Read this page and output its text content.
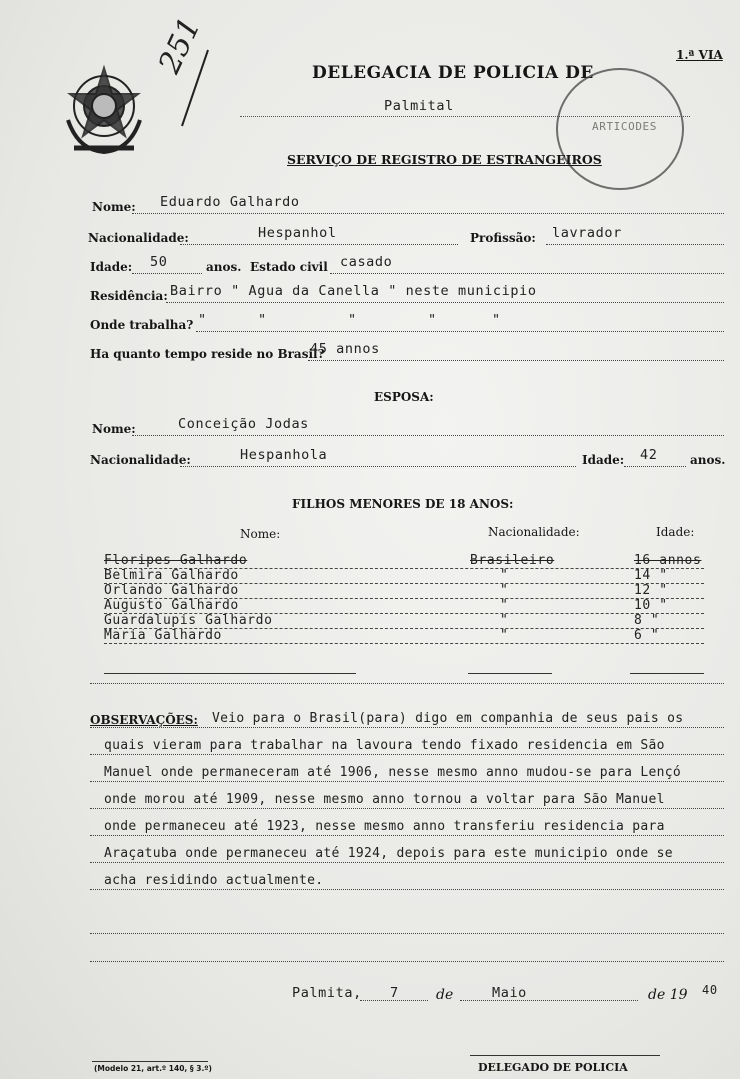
251	1.ª VIA
DELEGACIA DE POLICIA DE
Palmital
ARTICODES
SERVIÇO DE REGISTRO DE ESTRANGEIROS
Nome: Eduardo Galhardo
Nacionalidade:	Hespanhol	Profissão: lavrador
Idade: 50	anos. Estado civil casado
Residência: Bairro " Agua da Canella " neste municipio
Onde trabalha? "	"	"	"	"
Ha quanto tempo reside no Brasil?
45 annos
ESPOSA:
Nome:	Conceição Jodas
Nacionalidade:	Hespanhola	Idade: 42	anos.
FILHOS MENORES DE 18 ANOS:
Nome:	Nacionalidade:	Idade:
Floripes Galhardo	Brasileiro	16 annos
Belmira Galhardo	"	14 "
Orlando Galhardo	"	12 "
Augusto Galhardo	"	10 "
Guardalupis Galhardo	"	8 "
Maria Galhardo	"	6 "
OBSERVAÇÕES: Veio para o Brasil(para) digo em companhia de seus pais os
quais vieram para trabalhar na lavoura tendo fixado residencia em São
Manuel onde permaneceram até 1906, nesse mesmo anno mudou-se para Lençó
onde morou até 1909, nesse mesmo anno tornou a voltar para São Manuel
onde permaneceu até 1923, nesse mesmo anno transferiu residencia para
Araçatuba onde permaneceu até 1924, depois para este municipio onde se
acha residindo actualmente.
Palmita, 7	de	Maio	de 19 40
(Modelo 21, art.º 140, § 3.º)	DELEGADO DE POLICIA
